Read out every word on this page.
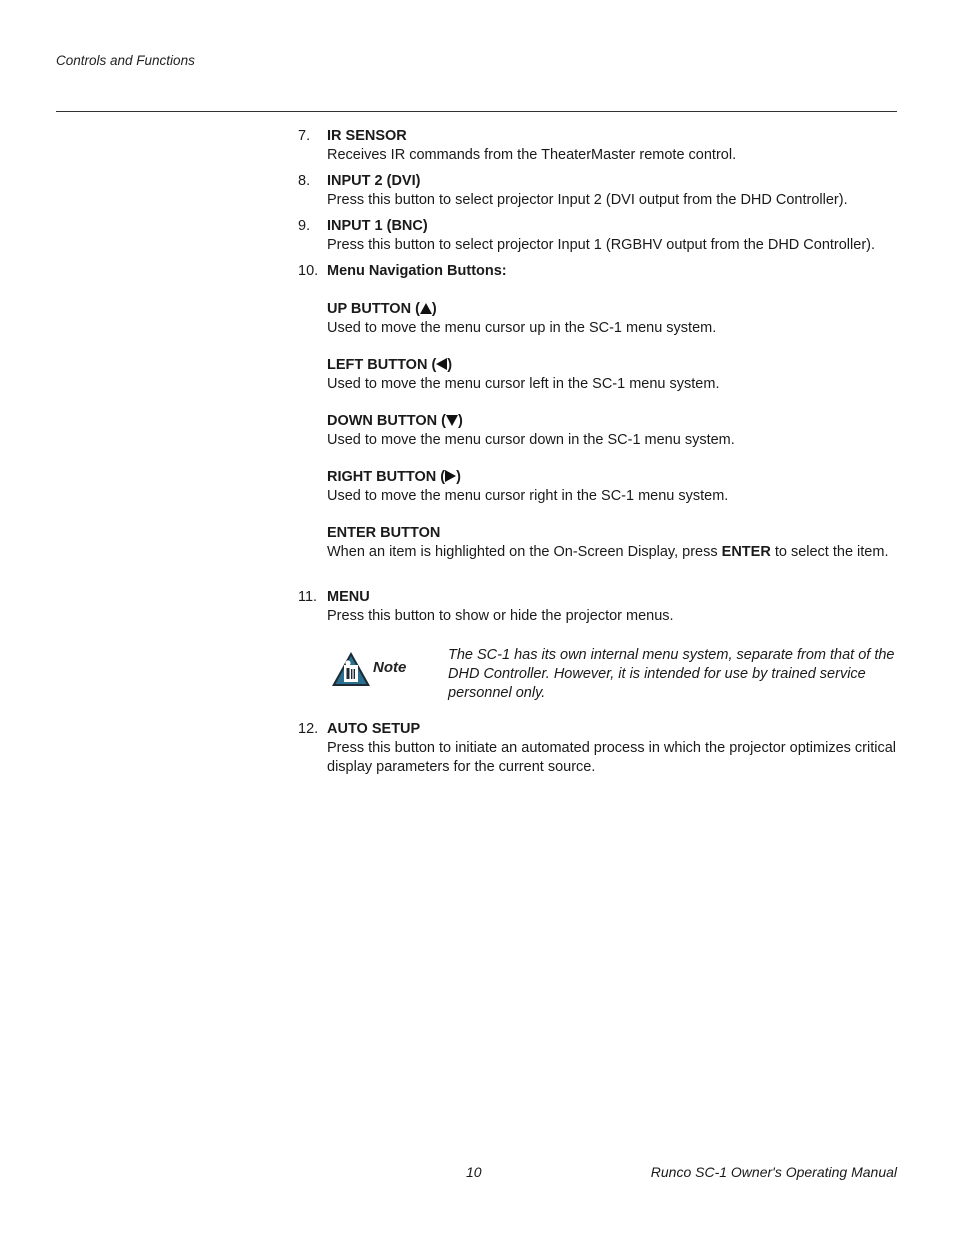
Controls and Functions
7.	IR SENSOR

Receives IR commands from the TheaterMaster remote control.

8.	INPUT 2 (DVI)

Press this button to select projector Input 2 (DVI output from the DHD Controller).

9.	INPUT 1 (BNC)

Press this button to select projector Input 1 (RGBHV output from the DHD Controller).

10. Menu Navigation Buttons:

UP BUTTON ( )

Used to move the menu cursor up in the SC-1 menu system.

LEFT BUTTON ( )

Used to move the menu cursor left in the SC-1 menu system.

DOWN BUTTON ( )

Used to move the menu cursor down in the SC-1 menu system.

RIGHT BUTTON ( )

Used to move the menu cursor right in the SC-1 menu system.

ENTER BUTTON

When an item is highlighted on the On-Screen Display, press ENTER to select the item.

11. MENU

Press this button to show or hide the projector menus.

Note

The SC-1 has its own internal menu system, separate from that of the DHD Controller. However, it is intended for use by trained service personnel only.

12. AUTO SETUP

Press this button to initiate an automated process in which the projector optimizes critical display parameters for the current source.

10	Runco SC-1 Owner's Operating Manual
